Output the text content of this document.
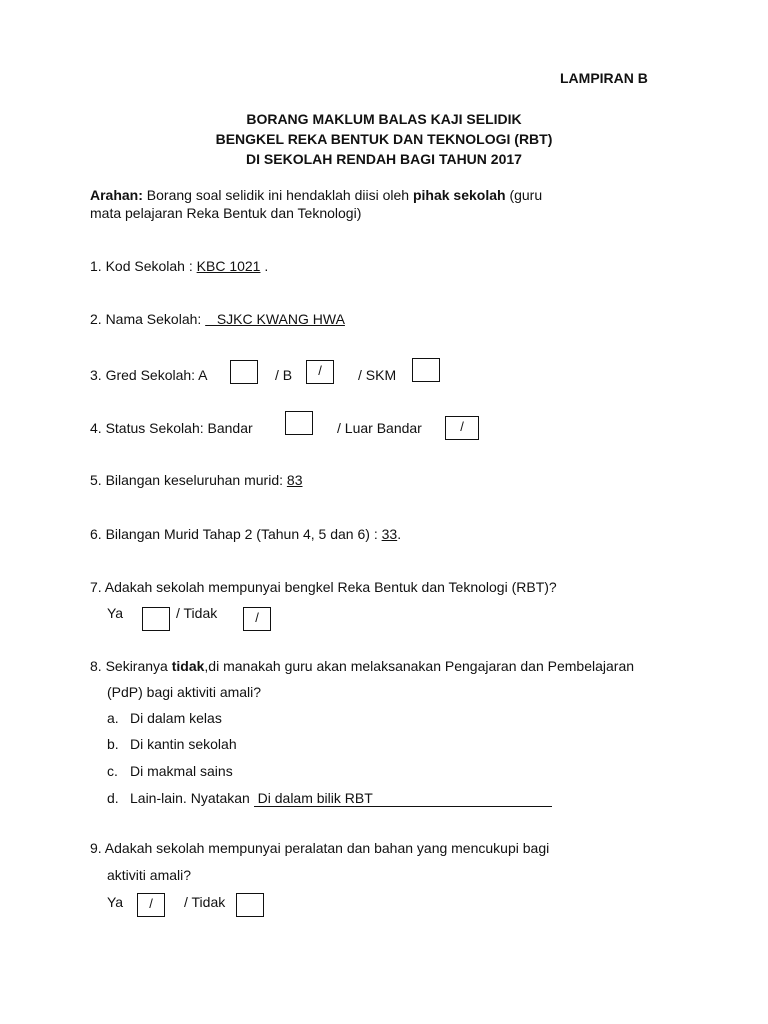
LAMPIRAN B
BORANG MAKLUM BALAS KAJI SELIDIK
BENGKEL REKA BENTUK DAN TEKNOLOGI (RBT)
DI SEKOLAH RENDAH BAGI TAHUN 2017
Arahan: Borang soal selidik ini hendaklah diisi oleh pihak sekolah (guru
mata pelajaran Reka Bentuk dan Teknologi)
1. Kod Sekolah : KBC 1021 .
2. Nama Sekolah:    SJKC KWANG HWA
3. Gred Sekolah: A	/ B	/	/ SKM
4. Status Sekolah: Bandar	/ Luar Bandar	/
5. Bilangan keseluruhan murid: 83
6. Bilangan Murid Tahap 2 (Tahun 4, 5 dan 6) : 33.
7. Adakah sekolah mempunyai bengkel Reka Bentuk dan Teknologi (RBT)?
Ya	/ Tidak	/
8. Sekiranya tidak,di manakah guru akan melaksanakan Pengajaran dan Pembelajaran
(PdP) bagi aktiviti amali?
a. Di dalam kelas
b. Di kantin sekolah
c. Di makmal sains
d. Lain-lain. Nyatakan  Di dalam bilik RBT
9. Adakah sekolah mempunyai peralatan dan bahan yang mencukupi bagi
aktiviti amali?
Ya	/	/ Tidak
